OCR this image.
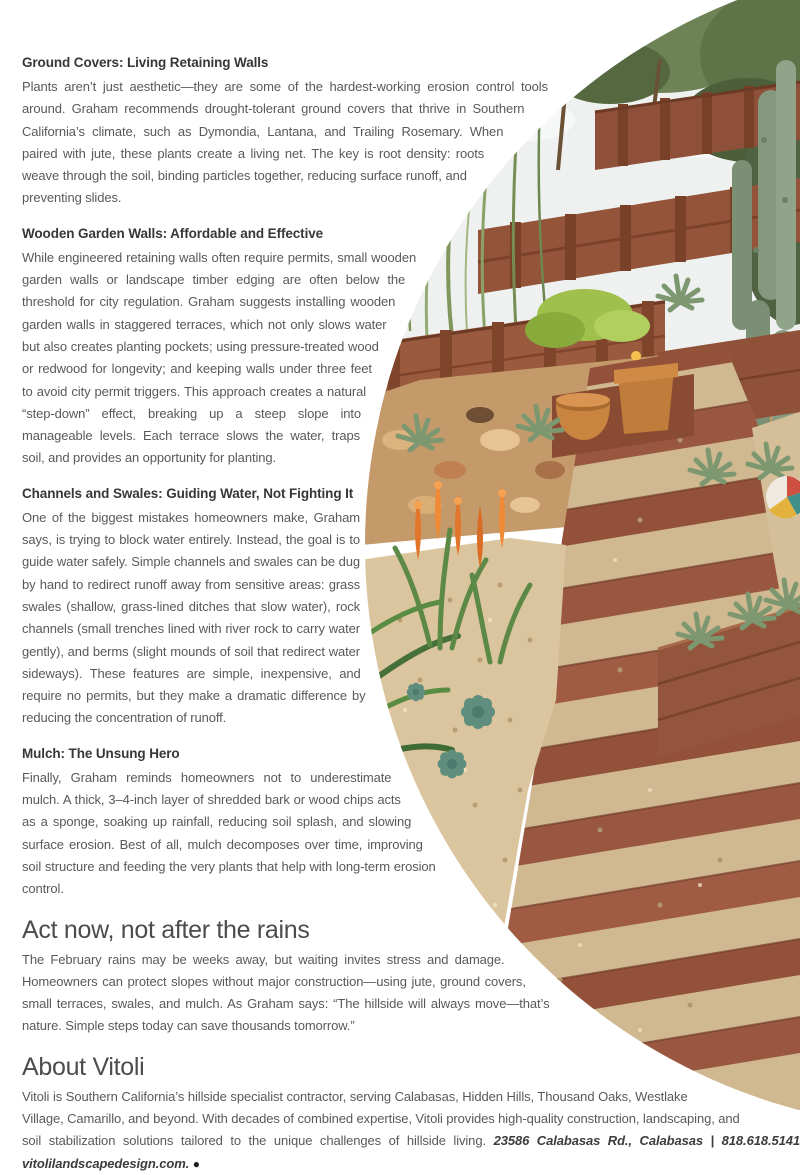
Ground Covers: Living Retaining Walls

Plants aren’t just aesthetic—they are some of the hardest-working erosion control tools around. Graham recommends drought-tolerant ground covers that thrive in Southern California’s climate, such as Dymondia, Lantana, and Trailing Rosemary. When paired with jute, these plants create a living net. The key is root density: roots weave through the soil, binding particles together, reducing surface runoff, and preventing slides.

Wooden Garden Walls: Affordable and Effective

While engineered retaining walls often require permits, small wooden garden walls or landscape timber edging are often below the threshold for city regulation. Graham suggests installing wooden garden walls in staggered terraces, which not only slows water but also creates planting pockets; using pressure-treated wood or redwood for longevity; and keeping walls under three feet to avoid city permit triggers. This approach creates a natural “step-down” effect, breaking up a steep slope into manageable levels. Each terrace slows the water, traps soil, and provides an opportunity for planting.

Channels and Swales: Guiding Water, Not Fighting It

One of the biggest mistakes homeowners make, Graham says, is trying to block water entirely. Instead, the goal is to guide water safely. Simple channels and swales can be dug by hand to redirect runoff away from sensitive areas: grass swales (shallow, grass-lined ditches that slow water), rock channels (small trenches lined with river rock to carry water gently), and berms (slight mounds of soil that redirect water sideways). These features are simple, inexpensive, and require no permits, but they make a dramatic difference by reducing the concentration of runoff.

Mulch: The Unsung Hero

Finally, Graham reminds homeowners not to underestimate mulch. A thick, 3–4-inch layer of shredded bark or wood chips acts as a sponge, soaking up rainfall, reducing soil splash, and slowing surface erosion. Best of all, mulch decomposes over time, improving soil structure and feeding the very plants that help with long-term erosion control.

Act now, not after the rains

The February rains may be weeks away, but waiting invites stress and damage. Homeowners can protect slopes without major construction—using jute, ground covers, small terraces, swales, and mulch. As Graham says: “The hillside will always move—that’s nature. Simple steps today can save thousands tomorrow.”

About Vitoli

Vitoli is Southern California’s hillside specialist contractor, serving Calabasas, Hidden Hills, Thousand Oaks, Westlake Village, Camarillo, and beyond. With decades of combined expertise, Vitoli provides high-quality construction, landscaping, and soil stabilization solutions tailored to the unique challenges of hillside living. 23586 Calabasas Rd., Calabasas | 818.618.5141 vitolilandscapedesign.com. ●
